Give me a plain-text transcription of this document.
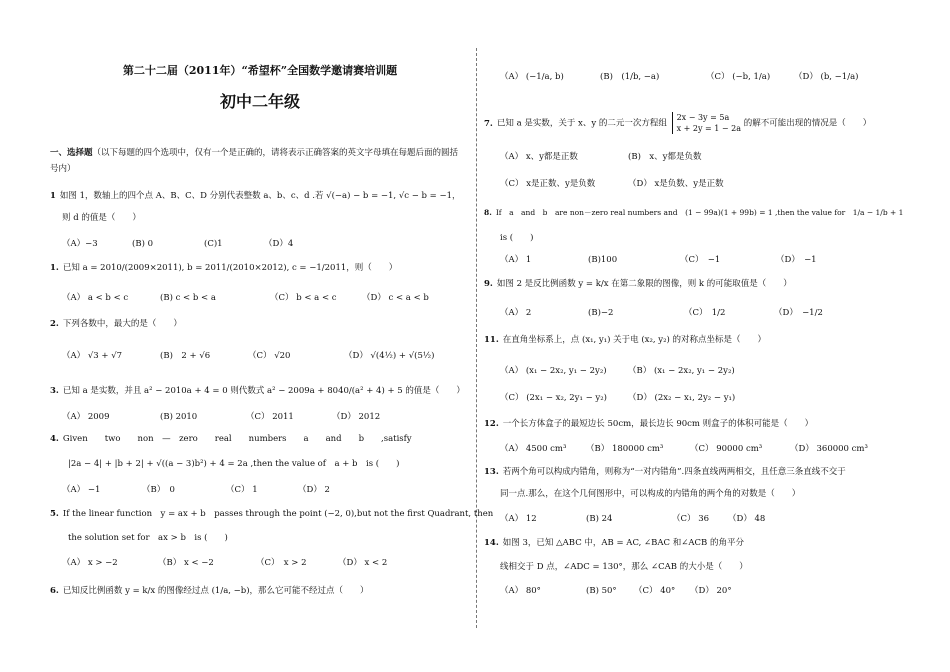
第二十二届（2011年）“希望杯”全国数学邀请赛培训题
初中二年级
一、选择题（以下每题的四个选项中，仅有一个是正确的，请将表示正确答案的英文字母填在每题后面的圆括号内）
1 如图 1，数轴上的四个点 A、B、C、D 分别代表整数 a、b、c、d .若 √(−a) − b = −1, √c − b = −1，
则 d 的值是（　　）
（A）−3	(B) 0	(C)1	（D）4
1. 已知 a = 2010/(2009×2011), b = 2011/(2010×2012), c = −1/2011，则（　　）
（A） a < b < c	(B) c < b < a	（C） b < a < c	（D） c < a < b
2. 下列各数中，最大的是（　　）
（A） √3 + √7	(B)　2 + √6	（C） √20	（D） √(4½) + √(5½)
3. 已知 a 是实数，并且 a² − 2010a + 4 = 0 则代数式 a² − 2009a + 8040/(a² + 4) + 5 的值是（　　）
（A） 2009	(B) 2010	（C） 2011	（D） 2012
4. Given　　two　　non　—　zero　　real　　numbers　　a　　and　　b　　,satisfy
|2a − 4| + |b + 2| + √((a − 3)b²) + 4 = 2a ,then the value of　a + b　is (　　)
（A） −1	（B）　0	（C） 1	（D） 2
5. If the linear function　y = ax + b　passes through the point (−2, 0),but not the first Quadrant, then
the solution set for　ax > b　is (　　)
（A） x > −2	（B） x < −2	（C）　x > 2	（D） x < 2
6. 已知反比例函数 y = k/x 的图像经过点 (1/a, −b)，那么它可能不经过点（　　）
（A） (−1/a, b)	(B)　(1/b, −a)	（C） (−b, 1/a)	（D） (b, −1/a)
7. 已知 a 是实数，关于 x、y 的二元一次方程组 2x − 3y = 5a
x + 2y = 1 − 2a 的解不可能出现的情况是（　　）
（A） x、y都是正数	(B)　x、y都是负数
（C） x是正数、y是负数	（D） x是负数、y是正数
8. If　a　and　b　are non－zero real numbers and　(1 − 99a)(1 + 99b) = 1 ,then the value for　1/a − 1/b + 1
is (　　)
（A） 1	(B)100	（C）　−1	（D）　−1
9. 如图 2 是反比例函数 y = k/x 在第二象限的图像，则 k 的可能取值是（　　）
（A） 2	(B)−2	（C）　1/2	（D）　−1/2
11. 在直角坐标系上，点 (x₁, y₁) 关于电 (x₂, y₂) 的对称点坐标是（　　）
（A） (x₁ − 2x₂, y₁ − 2y₂)	（B） (x₁ − 2x₂, y₁ − 2y₂)
（C） (2x₁ − x₂, 2y₁ − y₂) （D） (2x₂ − x₁, 2y₂ − y₁)
12. 一个长方体盒子的最短边长 50cm，最长边长 90cm 则盒子的体积可能是（　　）
（A） 4500 cm³ （B） 180000 cm³	（C） 90000 cm³	（D） 360000 cm³
13. 若两个角可以构成内错角，则称为“一对内错角”.四条直线两两相交，且任意三条直线不交于
同一点.那么，在这个几何图形中，可以构成的内错角的两个角的对数是（　　）
（A） 12	(B) 24	（C） 36 （D） 48
14. 如图 3，已知 △ABC 中，AB = AC, ∠BAC 和∠ACB 的角平分
线相交于 D 点，∠ADC = 130°，那么 ∠CAB 的大小是（　　）
（A） 80°	(B) 50° （C） 40° （D） 20°
